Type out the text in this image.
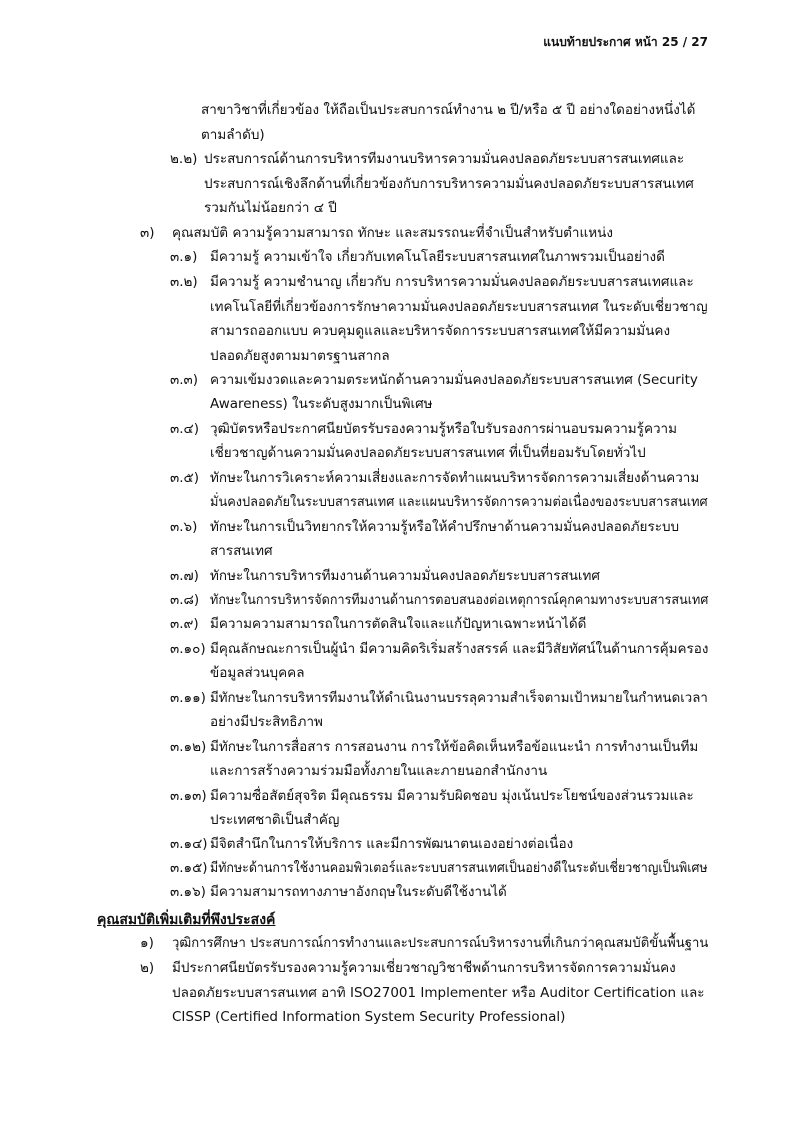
แนบท้ายประกาศ หน้า 25 / 27
สาขาวิชาที่เกี่ยวข้อง ให้ถือเป็นประสบการณ์ทำงาน ๒ ปี/หรือ ๕ ปี อย่างใดอย่างหนึ่งได้
ตามลำดับ)
๒.๒) ประสบการณ์ด้านการบริหารทีมงานบริหารความมั่นคงปลอดภัยระบบสารสนเทศและ
ประสบการณ์เชิงลึกด้านที่เกี่ยวข้องกับการบริหารความมั่นคงปลอดภัยระบบสารสนเทศ
รวมกันไม่น้อยกว่า ๔ ปี
๓) คุณสมบัติ ความรู้ความสามารถ ทักษะ และสมรรถนะที่จำเป็นสำหรับตำแหน่ง
๓.๑) มีความรู้ ความเข้าใจ เกี่ยวกับเทคโนโลยีระบบสารสนเทศในภาพรวมเป็นอย่างดี
๓.๒) มีความรู้ ความชำนาญ เกี่ยวกับ การบริหารความมั่นคงปลอดภัยระบบสารสนเทศและ
เทคโนโลยีที่เกี่ยวข้องการรักษาความมั่นคงปลอดภัยระบบสารสนเทศ ในระดับเชี่ยวชาญ
สามารถออกแบบ ควบคุมดูแลและบริหารจัดการระบบสารสนเทศให้มีความมั่นคง
ปลอดภัยสูงตามมาตรฐานสากล
๓.๓) ความเข้มงวดและความตระหนักด้านความมั่นคงปลอดภัยระบบสารสนเทศ (Security
Awareness) ในระดับสูงมากเป็นพิเศษ
๓.๔) วุฒิบัตรหรือประกาศนียบัตรรับรองความรู้หรือใบรับรองการผ่านอบรมความรู้ความ
เชี่ยวชาญด้านความมั่นคงปลอดภัยระบบสารสนเทศ ที่เป็นที่ยอมรับโดยทั่วไป
๓.๕) ทักษะในการวิเคราะห์ความเสี่ยงและการจัดทำแผนบริหารจัดการความเสี่ยงด้านความ
มั่นคงปลอดภัยในระบบสารสนเทศ และแผนบริหารจัดการความต่อเนื่องของระบบสารสนเทศ
๓.๖) ทักษะในการเป็นวิทยากรให้ความรู้หรือให้คำปรึกษาด้านความมั่นคงปลอดภัยระบบ
สารสนเทศ
๓.๗) ทักษะในการบริหารทีมงานด้านความมั่นคงปลอดภัยระบบสารสนเทศ
๓.๘) ทักษะในการบริหารจัดการทีมงานด้านการตอบสนองต่อเหตุการณ์คุกคามทางระบบสารสนเทศ
๓.๙) มีความความสามารถในการตัดสินใจและแก้ปัญหาเฉพาะหน้าได้ดี
๓.๑๐) มีคุณลักษณะการเป็นผู้นำ มีความคิดริเริ่มสร้างสรรค์ และมีวิสัยทัศน์ในด้านการคุ้มครอง
ข้อมูลส่วนบุคคล
๓.๑๑) มีทักษะในการบริหารทีมงานให้ดำเนินงานบรรลุความสำเร็จตามเป้าหมายในกำหนดเวลา
อย่างมีประสิทธิภาพ
๓.๑๒) มีทักษะในการสื่อสาร การสอนงาน การให้ข้อคิดเห็นหรือข้อแนะนำ การทำงานเป็นทีม
และการสร้างความร่วมมือทั้งภายในและภายนอกสำนักงาน
๓.๑๓) มีความซื่อสัตย์สุจริต มีคุณธรรม มีความรับผิดชอบ มุ่งเน้นประโยชน์ของส่วนรวมและ
ประเทศชาติเป็นสำคัญ
๓.๑๔) มีจิตสำนึกในการให้บริการ และมีการพัฒนาตนเองอย่างต่อเนื่อง
๓.๑๕) มีทักษะด้านการใช้งานคอมพิวเตอร์และระบบสารสนเทศเป็นอย่างดีในระดับเชี่ยวชาญเป็นพิเศษ
๓.๑๖) มีความสามารถทางภาษาอังกฤษในระดับดีใช้งานได้
คุณสมบัติเพิ่มเติมที่พึงประสงค์
๑) วุฒิการศึกษา ประสบการณ์การทำงานและประสบการณ์บริหารงานที่เกินกว่าคุณสมบัติขั้นพื้นฐาน
๒) มีประกาศนียบัตรรับรองความรู้ความเชี่ยวชาญวิชาชีพด้านการบริหารจัดการความมั่นคง
ปลอดภัยระบบสารสนเทศ อาทิ ISO27001 Implementer หรือ Auditor Certification และ
CISSP (Certified Information System Security Professional)
